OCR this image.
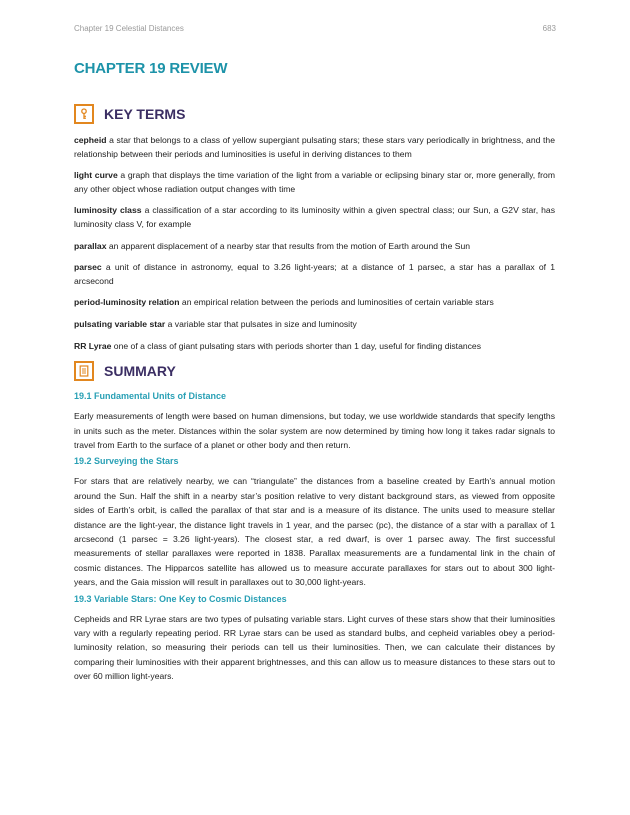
Chapter 19 Celestial Distances	683
CHAPTER 19 REVIEW
KEY TERMS

cepheid a star that belongs to a class of yellow supergiant pulsating stars; these stars vary periodically in brightness, and the relationship between their periods and luminosities is useful in deriving distances to them

light curve a graph that displays the time variation of the light from a variable or eclipsing binary star or, more generally, from any other object whose radiation output changes with time

luminosity class a classification of a star according to its luminosity within a given spectral class; our Sun, a G2V star, has luminosity class V, for example

parallax an apparent displacement of a nearby star that results from the motion of Earth around the Sun

parsec a unit of distance in astronomy, equal to 3.26 light-years; at a distance of 1 parsec, a star has a parallax of 1 arcsecond

period-luminosity relation an empirical relation between the periods and luminosities of certain variable stars

pulsating variable star a variable star that pulsates in size and luminosity

RR Lyrae one of a class of giant pulsating stars with periods shorter than 1 day, useful for finding distances

SUMMARY
19.1 Fundamental Units of Distance

Early measurements of length were based on human dimensions, but today, we use worldwide standards that specify lengths in units such as the meter. Distances within the solar system are now determined by timing how long it takes radar signals to travel from Earth to the surface of a planet or other body and then return.

19.2 Surveying the Stars

For stars that are relatively nearby, we can “triangulate” the distances from a baseline created by Earth’s annual motion around the Sun. Half the shift in a nearby star’s position relative to very distant background stars, as viewed from opposite sides of Earth’s orbit, is called the parallax of that star and is a measure of its distance. The units used to measure stellar distance are the light-year, the distance light travels in 1 year, and the parsec (pc), the distance of a star with a parallax of 1 arcsecond (1 parsec = 3.26 light-years). The closest star, a red dwarf, is over 1 parsec away. The first successful measurements of stellar parallaxes were reported in 1838. Parallax measurements are a fundamental link in the chain of cosmic distances. The Hipparcos satellite has allowed us to measure accurate parallaxes for stars out to about 300 light-years, and the Gaia mission will result in parallaxes out to 30,000 light-years.

19.3 Variable Stars: One Key to Cosmic Distances

Cepheids and RR Lyrae stars are two types of pulsating variable stars. Light curves of these stars show that their luminosities vary with a regularly repeating period. RR Lyrae stars can be used as standard bulbs, and cepheid variables obey a period-luminosity relation, so measuring their periods can tell us their luminosities. Then, we can calculate their distances by comparing their luminosities with their apparent brightnesses, and this can allow us to measure distances to these stars out to over 60 million light-years.
